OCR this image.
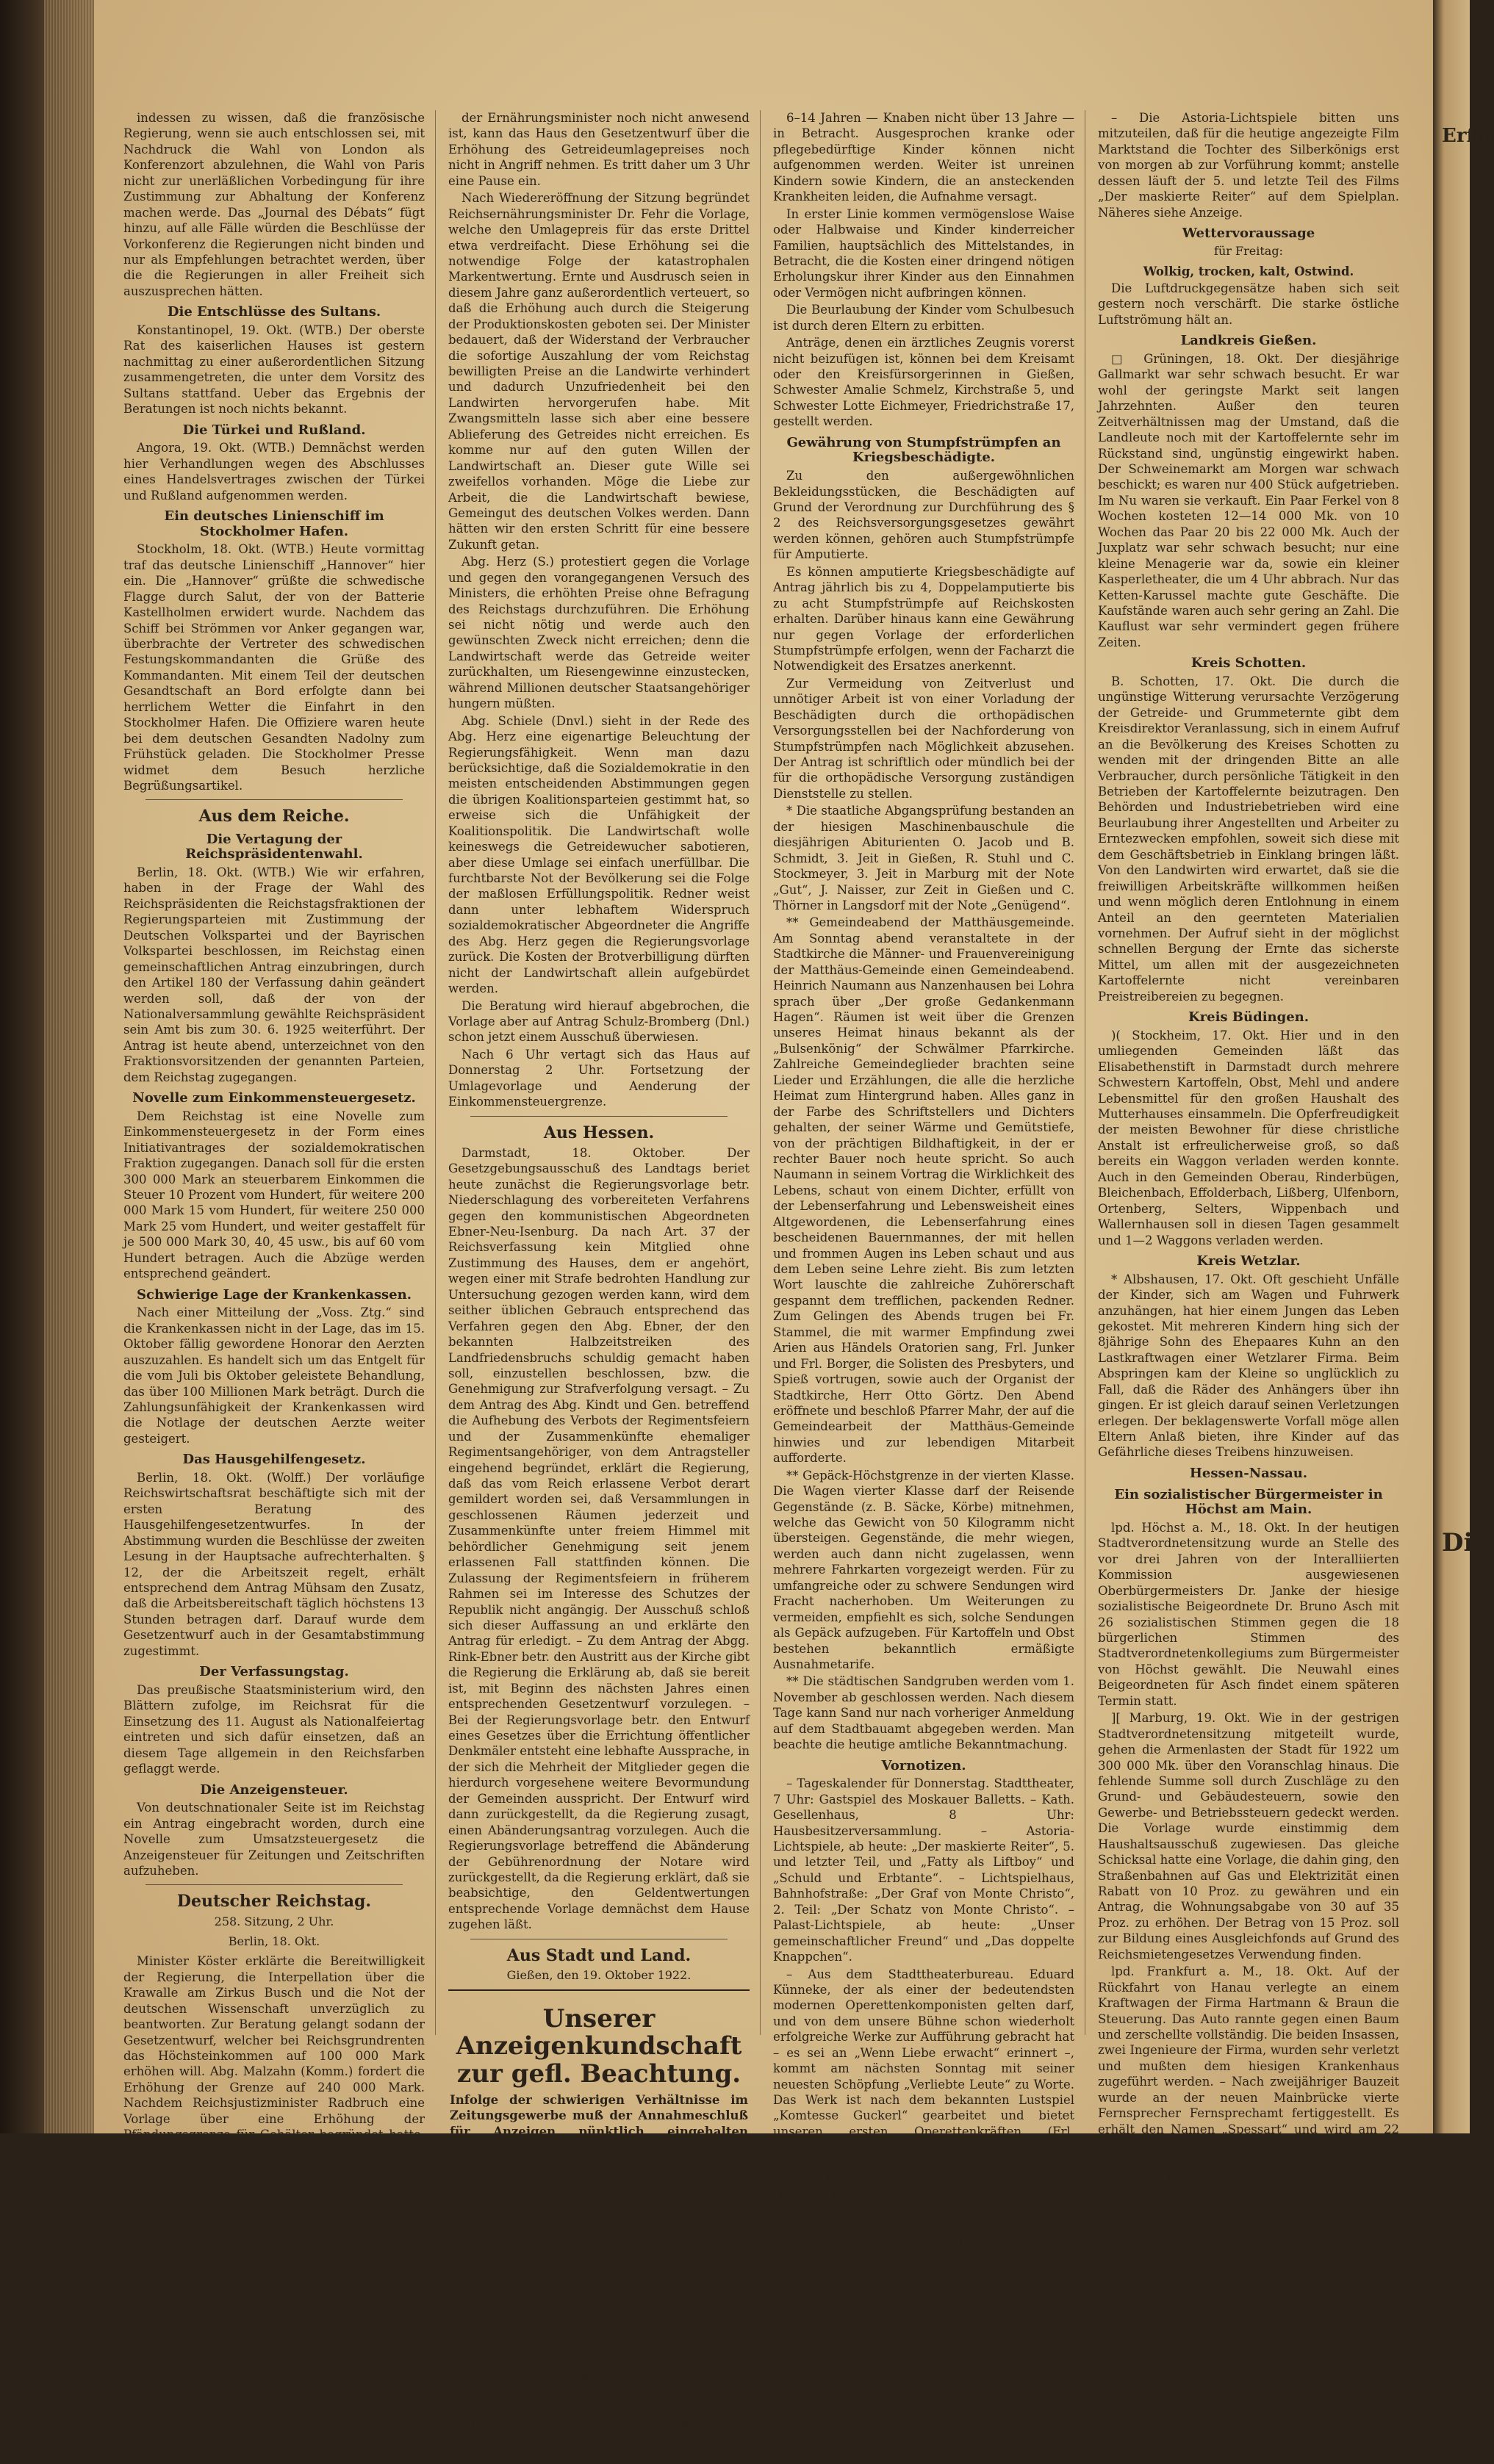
indessen zu wissen, daß die französische Regierung, wenn sie auch entschlossen sei, mit Nachdruck die Wahl von London als Konferenzort abzulehnen, die Wahl von Paris nicht zur unerläßlichen Vorbedingung für ihre Zustimmung zur Abhaltung der Konferenz machen werde. Das „Journal des Débats“ fügt hinzu, auf alle Fälle würden die Beschlüsse der Vorkonferenz die Regierungen nicht binden und nur als Empfehlungen betrachtet werden, über die die Regierungen in aller Freiheit sich auszusprechen hätten.

Die Entschlüsse des Sultans.

Konstantinopel, 19. Okt. (WTB.) Der oberste Rat des kaiserlichen Hauses ist gestern nachmittag zu einer außerordentlichen Sitzung zusammengetreten, die unter dem Vorsitz des Sultans stattfand. Ueber das Ergebnis der Beratungen ist noch nichts bekannt.

Die Türkei und Rußland.

Angora, 19. Okt. (WTB.) Demnächst werden hier Verhandlungen wegen des Abschlusses eines Handelsvertrages zwischen der Türkei und Rußland aufgenommen werden.

Ein deutsches Linienschiff im Stockholmer Hafen.

Stockholm, 18. Okt. (WTB.) Heute vormittag traf das deutsche Linienschiff „Hannover“ hier ein. Die „Hannover“ grüßte die schwedische Flagge durch Salut, der von der Batterie Kastellholmen erwidert wurde. Nachdem das Schiff bei Strömmen vor Anker gegangen war, überbrachte der Vertreter des schwedischen Festungskommandanten die Grüße des Kommandanten. Mit einem Teil der deutschen Gesandtschaft an Bord erfolgte dann bei herrlichem Wetter die Einfahrt in den Stockholmer Hafen. Die Offiziere waren heute bei dem deutschen Gesandten Nadolny zum Frühstück geladen. Die Stockholmer Presse widmet dem Besuch herzliche Begrüßungsartikel.

Aus dem Reiche.
Die Vertagung der Reichspräsidentenwahl.

Berlin, 18. Okt. (WTB.) Wie wir erfahren, haben in der Frage der Wahl des Reichspräsidenten die Reichstagsfraktionen der Regierungsparteien mit Zustimmung der Deutschen Volkspartei und der Bayrischen Volkspartei beschlossen, im Reichstag einen gemeinschaftlichen Antrag einzubringen, durch den Artikel 180 der Verfassung dahin geändert werden soll, daß der von der Nationalversammlung gewählte Reichspräsident sein Amt bis zum 30. 6. 1925 weiterführt. Der Antrag ist heute abend, unterzeichnet von den Fraktionsvorsitzenden der genannten Parteien, dem Reichstag zugegangen.

Novelle zum Einkommensteuergesetz.

Dem Reichstag ist eine Novelle zum Einkommensteuergesetz in der Form eines Initiativantrages der sozialdemokratischen Fraktion zugegangen. Danach soll für die ersten 300 000 Mark an steuerbarem Einkommen die Steuer 10 Prozent vom Hundert, für weitere 200 000 Mark 15 vom Hundert, für weitere 250 000 Mark 25 vom Hundert, und weiter gestaffelt für je 500 000 Mark 30, 40, 45 usw., bis auf 60 vom Hundert betragen. Auch die Abzüge werden entsprechend geändert.

Schwierige Lage der Krankenkassen.

Nach einer Mitteilung der „Voss. Ztg.“ sind die Krankenkassen nicht in der Lage, das im 15. Oktober fällig gewordene Honorar den Aerzten auszuzahlen. Es handelt sich um das Entgelt für die vom Juli bis Oktober geleistete Behandlung, das über 100 Millionen Mark beträgt. Durch die Zahlungsunfähigkeit der Krankenkassen wird die Notlage der deutschen Aerzte weiter gesteigert.

Das Hausgehilfengesetz.

Berlin, 18. Okt. (Wolff.) Der vorläufige Reichswirtschaftsrat beschäftigte sich mit der ersten Beratung des Hausgehilfengesetzentwurfes. In der Abstimmung wurden die Beschlüsse der zweiten Lesung in der Hauptsache aufrechterhalten. § 12, der die Arbeitszeit regelt, erhält entsprechend dem Antrag Mühsam den Zusatz, daß die Arbeitsbereitschaft täglich höchstens 13 Stunden betragen darf. Darauf wurde dem Gesetzentwurf auch in der Gesamtabstimmung zugestimmt.

Der Verfassungstag.

Das preußische Staatsministerium wird, den Blättern zufolge, im Reichsrat für die Einsetzung des 11. August als Nationalfeiertag eintreten und sich dafür einsetzen, daß an diesem Tage allgemein in den Reichsfarben geflaggt werde.

Die Anzeigensteuer.

Von deutschnationaler Seite ist im Reichstag ein Antrag eingebracht worden, durch eine Novelle zum Umsatzsteuergesetz die Anzeigensteuer für Zeitungen und Zeitschriften aufzuheben.

Deutscher Reichstag.
258. Sitzung, 2 Uhr.
Berlin, 18. Okt.

Minister Köster erklärte die Bereitwilligkeit der Regierung, die Interpellation über die Krawalle am Zirkus Busch und die Not der deutschen Wissenschaft unverzüglich zu beantworten. Zur Beratung gelangt sodann der Gesetzentwurf, welcher bei Reichsgrundrenten das Höchsteinkommen auf 100 000 Mark erhöhen will. Abg. Malzahn (Komm.) fordert die Erhöhung der Grenze auf 240 000 Mark. Nachdem Reichsjustizminister Radbruch eine Vorlage über eine Erhöhung der Pfändungsgrenze für Gehälter begründet hatte, wird der Gesetzentwurf über Reichsgrundrenten angenommen. Die Vorlage über Aenderung des Besoldungsgesetzes für den Nachtragsetat für 1922 geht an den Haushaltsausschuß.

der Ernährungsminister noch nicht anwesend ist, kann das Haus den Gesetzentwurf über die Erhöhung des Getreideumlagepreises noch nicht in Angriff nehmen. Es tritt daher um 3 Uhr eine Pause ein.

Nach Wiedereröffnung der Sitzung begründet Reichsernährungsminister Dr. Fehr die Vorlage, welche den Umlagepreis für das erste Drittel etwa verdreifacht. Diese Erhöhung sei die notwendige Folge der katastrophalen Markentwertung. Ernte und Ausdrusch seien in diesem Jahre ganz außerordentlich verteuert, so daß die Erhöhung auch durch die Steigerung der Produktionskosten geboten sei. Der Minister bedauert, daß der Widerstand der Verbraucher die sofortige Auszahlung der vom Reichstag bewilligten Preise an die Landwirte verhindert und dadurch Unzufriedenheit bei den Landwirten hervorgerufen habe. Mit Zwangsmitteln lasse sich aber eine bessere Ablieferung des Getreides nicht erreichen. Es komme nur auf den guten Willen der Landwirtschaft an. Dieser gute Wille sei zweifellos vorhanden. Möge die Liebe zur Arbeit, die die Landwirtschaft bewiese, Gemeingut des deutschen Volkes werden. Dann hätten wir den ersten Schritt für eine bessere Zukunft getan.

Abg. Herz (S.) protestiert gegen die Vorlage und gegen den vorangegangenen Versuch des Ministers, die erhöhten Preise ohne Befragung des Reichstags durchzuführen. Die Erhöhung sei nicht nötig und werde auch den gewünschten Zweck nicht erreichen; denn die Landwirtschaft werde das Getreide weiter zurückhalten, um Riesengewinne einzustecken, während Millionen deutscher Staatsangehöriger hungern müßten.

Abg. Schiele (Dnvl.) sieht in der Rede des Abg. Herz eine eigenartige Beleuchtung der Regierungsfähigkeit. Wenn man dazu berücksichtige, daß die Sozialdemokratie in den meisten entscheidenden Abstimmungen gegen die übrigen Koalitionsparteien gestimmt hat, so erweise sich die Unfähigkeit der Koalitionspolitik. Die Landwirtschaft wolle keineswegs die Getreidewucher sabotieren, aber diese Umlage sei einfach unerfüllbar. Die furchtbarste Not der Bevölkerung sei die Folge der maßlosen Erfüllungspolitik. Redner weist dann unter lebhaftem Widerspruch sozialdemokratischer Abgeordneter die Angriffe des Abg. Herz gegen die Regierungsvorlage zurück. Die Kosten der Brotverbilligung dürften nicht der Landwirtschaft allein aufgebürdet werden.

Die Beratung wird hierauf abgebrochen, die Vorlage aber auf Antrag Schulz-Bromberg (Dnl.) schon jetzt einem Ausschuß überwiesen.

Nach 6 Uhr vertagt sich das Haus auf Donnerstag 2 Uhr. Fortsetzung der Umlagevorlage und Aenderung der Einkommensteuergrenze.

Aus Hessen.

Darmstadt, 18. Oktober. Der Gesetzgebungsausschuß des Landtags beriet heute zunächst die Regierungsvorlage betr. Niederschlagung des vorbereiteten Verfahrens gegen den kommunistischen Abgeordneten Ebner-Neu-Isenburg. Da nach Art. 37 der Reichsverfassung kein Mitglied ohne Zustimmung des Hauses, dem er angehört, wegen einer mit Strafe bedrohten Handlung zur Untersuchung gezogen werden kann, wird dem seither üblichen Gebrauch entsprechend das Verfahren gegen den Abg. Ebner, der den bekannten Halbzeitstreiken des Landfriedensbruchs schuldig gemacht haben soll, einzustellen beschlossen, bzw. die Genehmigung zur Strafverfolgung versagt. – Zu dem Antrag des Abg. Kindt und Gen. betreffend die Aufhebung des Verbots der Regimentsfeiern und der Zusammenkünfte ehemaliger Regimentsangehöriger, von dem Antragsteller eingehend begründet, erklärt die Regierung, daß das vom Reich erlassene Verbot derart gemildert worden sei, daß Versammlungen in geschlossenen Räumen jederzeit und Zusammenkünfte unter freiem Himmel mit behördlicher Genehmigung seit jenem erlassenen Fall stattfinden können. Die Zulassung der Regimentsfeiern in früherem Rahmen sei im Interesse des Schutzes der Republik nicht angängig. Der Ausschuß schloß sich dieser Auffassung an und erklärte den Antrag für erledigt. – Zu dem Antrag der Abgg. Rink-Ebner betr. den Austritt aus der Kirche gibt die Regierung die Erklärung ab, daß sie bereit ist, mit Beginn des nächsten Jahres einen entsprechenden Gesetzentwurf vorzulegen. – Bei der Regierungsvorlage betr. den Entwurf eines Gesetzes über die Errichtung öffentlicher Denkmäler entsteht eine lebhafte Aussprache, in der sich die Mehrheit der Mitglieder gegen die hierdurch vorgesehene weitere Bevormundung der Gemeinden ausspricht. Der Entwurf wird dann zurückgestellt, da die Regierung zusagt, einen Abänderungsantrag vorzulegen. Auch die Regierungsvorlage betreffend die Abänderung der Gebührenordnung der Notare wird zurückgestellt, da die Regierung erklärt, daß sie beabsichtige, den Geldentwertungen entsprechende Vorlage demnächst dem Hause zugehen läßt.

Aus Stadt und Land.
Gießen, den 19. Oktober 1922.
Unserer Anzeigenkundschaft zur gefl. Beachtung.

Infolge der schwierigen Verhältnisse im Zeitungsgewerbe muß der Annahmeschluß für Anzeigen pünktlich eingehalten werden. Die Entgegennahme von Anzeigen findet bis zum Abend vor dem Aufnahmetag statt; Anzeigen für die Samstagsnummer müssen spätestens bis Freitag mittag eingereicht sein.

Geschäftszeit

von 8—12½ Uhr und von 2—5½ Uhr.

Verlag des Gießener Anzeigers.

Kostenlose Erholungskuren für Kinder.

Durch Spenden amerikanischer Frauen und Männer deutscher Abstammung in der Stadt Newark war es der Landesversicherungsanstalt möglich, im laufenden Jahre schwächlichen Kindern einen kostenlosen Erholungsaufenthalt in dem Kinderheim Newark Einsiedel zu Lindenfels zu gewähren.

Diese Kuren sollen auch künftig weitergeführt werden. Es kommen nur erholungsbedürftige Kinder im Alter von

6–14 Jahren — Knaben nicht über 13 Jahre — in Betracht. Ausgesprochen kranke oder pflegebedürftige Kinder können nicht aufgenommen werden. Weiter ist unreinen Kindern sowie Kindern, die an ansteckenden Krankheiten leiden, die Aufnahme versagt.

In erster Linie kommen vermögenslose Waise oder Halbwaise und Kinder kinderreicher Familien, hauptsächlich des Mittelstandes, in Betracht, die die Kosten einer dringend nötigen Erholungskur ihrer Kinder aus den Einnahmen oder Vermögen nicht aufbringen können.

Die Beurlaubung der Kinder vom Schulbesuch ist durch deren Eltern zu erbitten.

Anträge, denen ein ärztliches Zeugnis vorerst nicht beizufügen ist, können bei dem Kreisamt oder den Kreisfürsorgerinnen in Gießen, Schwester Amalie Schmelz, Kirchstraße 5, und Schwester Lotte Eichmeyer, Friedrichstraße 17, gestellt werden.

Gewährung von Stumpfstrümpfen an Kriegsbeschädigte.

Zu den außergewöhnlichen Bekleidungsstücken, die Beschädigten auf Grund der Verordnung zur Durchführung des § 2 des Reichsversorgungsgesetzes gewährt werden können, gehören auch Stumpfstrümpfe für Amputierte.

Es können amputierte Kriegsbeschädigte auf Antrag jährlich bis zu 4, Doppelamputierte bis zu acht Stumpfstrümpfe auf Reichskosten erhalten. Darüber hinaus kann eine Gewährung nur gegen Vorlage der erforderlichen Stumpfstrümpfe erfolgen, wenn der Facharzt die Notwendigkeit des Ersatzes anerkennt.

Zur Vermeidung von Zeitverlust und unnötiger Arbeit ist von einer Vorladung der Beschädigten durch die orthopädischen Versorgungsstellen bei der Nachforderung von Stumpfstrümpfen nach Möglichkeit abzusehen. Der Antrag ist schriftlich oder mündlich bei der für die orthopädische Versorgung zuständigen Dienststelle zu stellen.

* Die staatliche Abgangsprüfung bestanden an der hiesigen Maschinenbauschule die diesjährigen Abiturienten O. Jacob und B. Schmidt, 3. Jeit in Gießen, R. Stuhl und C. Stockmeyer, 3. Jeit in Marburg mit der Note „Gut“, J. Naisser, zur Zeit in Gießen und C. Thörner in Langsdorf mit der Note „Genügend“.

** Gemeindeabend der Matthäusgemeinde. Am Sonntag abend veranstaltete in der Stadtkirche die Männer- und Frauenvereinigung der Matthäus-Gemeinde einen Gemeindeabend. Heinrich Naumann aus Nanzenhausen bei Lohra sprach über „Der große Gedankenmann Hagen“. Räumen ist weit über die Grenzen unseres Heimat hinaus bekannt als der „Bulsenkönig“ der Schwälmer Pfarrkirche. Zahlreiche Gemeindeglieder brachten seine Lieder und Erzählungen, die alle die herzliche Heimat zum Hintergrund haben. Alles ganz in der Farbe des Schriftstellers und Dichters gehalten, der seiner Wärme und Gemütstiefe, von der prächtigen Bildhaftigkeit, in der er rechter Bauer noch heute spricht. So auch Naumann in seinem Vortrag die Wirklichkeit des Lebens, schaut von einem Dichter, erfüllt von der Lebenserfahrung und Lebensweisheit eines Altgewordenen, die Lebenserfahrung eines bescheidenen Bauernmannes, der mit hellen und frommen Augen ins Leben schaut und aus dem Leben seine Lehre zieht. Bis zum letzten Wort lauschte die zahlreiche Zuhörerschaft gespannt dem trefflichen, packenden Redner. Zum Gelingen des Abends trugen bei Fr. Stammel, die mit warmer Empfindung zwei Arien aus Händels Oratorien sang, Frl. Junker und Frl. Borger, die Solisten des Presbyters, und Spieß vortrugen, sowie auch der Organist der Stadtkirche, Herr Otto Görtz. Den Abend eröffnete und beschloß Pfarrer Mahr, der auf die Gemeindearbeit der Matthäus-Gemeinde hinwies und zur lebendigen Mitarbeit aufforderte.

** Gepäck-Höchstgrenze in der vierten Klasse. Die Wagen vierter Klasse darf der Reisende Gegenstände (z. B. Säcke, Körbe) mitnehmen, welche das Gewicht von 50 Kilogramm nicht übersteigen. Gegenstände, die mehr wiegen, werden auch dann nicht zugelassen, wenn mehrere Fahrkarten vorgezeigt werden. Für zu umfangreiche oder zu schwere Sendungen wird Fracht nacherhoben. Um Weiterungen zu vermeiden, empfiehlt es sich, solche Sendungen als Gepäck aufzugeben. Für Kartoffeln und Obst bestehen bekanntlich ermäßigte Ausnahmetarife.

** Die städtischen Sandgruben werden vom 1. November ab geschlossen werden. Nach diesem Tage kann Sand nur nach vorheriger Anmeldung auf dem Stadtbauamt abgegeben werden. Man beachte die heutige amtliche Bekanntmachung.

Vornotizen.

– Tageskalender für Donnerstag. Stadttheater, 7 Uhr: Gastspiel des Moskauer Balletts. – Kath. Gesellenhaus, 8 Uhr: Hausbesitzerversammlung. – Astoria-Lichtspiele, ab heute: „Der maskierte Reiter“, 5. und letzter Teil, und „Fatty als Liftboy“ und „Schuld und Erbtante“. – Lichtspielhaus, Bahnhofstraße: „Der Graf von Monte Christo“, 2. Teil: „Der Schatz von Monte Christo“. – Palast-Lichtspiele, ab heute: „Unser gemeinschaftlicher Freund“ und „Das doppelte Knappchen“.

– Aus dem Stadttheaterbureau. Eduard Künneke, der als einer der bedeutendsten modernen Operettenkomponisten gelten darf, und von dem unsere Bühne schon wiederholt erfolgreiche Werke zur Aufführung gebracht hat – es sei an „Wenn Liebe erwacht“ erinnert –, kommt am nächsten Sonntag mit seiner neuesten Schöpfung „Verliebte Leute“ zu Worte. Das Werk ist nach dem bekannten Lustspiel „Komtesse Guckerl“ gearbeitet und bietet unseren ersten Operettenkräften (Frl. Wiltberger und Frl. Wander sowie den Herren Holl, Richter und Hellborn) dankbare Aufgaben. Die Spielleitung liegt in den Händen des Herrn Holl, die Tanzarrangements sind von Frau Oldini einstudiert.

– Der Turnverein Gießen von 1846 hält am nächsten Sonntag in der Turnhalle (Steinstraße) ein Herbstschauturnen ab. Näheres ist aus der Anzeige ersichtlich.

– Die Astoria-Lichtspiele bitten uns mitzuteilen, daß für die heutige angezeigte Film Marktstand die Tochter des Silberkönigs erst von morgen ab zur Vorführung kommt; anstelle dessen läuft der 5. und letzte Teil des Films „Der maskierte Reiter“ auf dem Spielplan. Näheres siehe Anzeige.

Wettervoraussage
für Freitag:

Wolkig, trocken, kalt, Ostwind.

Die Luftdruckgegensätze haben sich seit gestern noch verschärft. Die starke östliche Luftströmung hält an.

Landkreis Gießen.

□ Grüningen, 18. Okt. Der diesjährige Gallmarkt war sehr schwach besucht. Er war wohl der geringste Markt seit langen Jahrzehnten. Außer den teuren Zeitverhältnissen mag der Umstand, daß die Landleute noch mit der Kartoffelernte sehr im Rückstand sind, ungünstig eingewirkt haben. Der Schweinemarkt am Morgen war schwach beschickt; es waren nur 400 Stück aufgetrieben. Im Nu waren sie verkauft. Ein Paar Ferkel von 8 Wochen kosteten 12—14 000 Mk. von 10 Wochen das Paar 20 bis 22 000 Mk. Auch der Juxplatz war sehr schwach besucht; nur eine kleine Menagerie war da, sowie ein kleiner Kasperletheater, die um 4 Uhr abbrach. Nur das Ketten-Karussel machte gute Geschäfte. Die Kaufstände waren auch sehr gering an Zahl. Die Kauflust war sehr vermindert gegen frühere Zeiten.

Kreis Schotten.

B. Schotten, 17. Okt. Die durch die ungünstige Witterung verursachte Verzögerung der Getreide- und Grummeternte gibt dem Kreisdirektor Veranlassung, sich in einem Aufruf an die Bevölkerung des Kreises Schotten zu wenden mit der dringenden Bitte an alle Verbraucher, durch persönliche Tätigkeit in den Betrieben der Kartoffelernte beizutragen. Den Behörden und Industriebetrieben wird eine Beurlaubung ihrer Angestellten und Arbeiter zu Erntezwecken empfohlen, soweit sich diese mit dem Geschäftsbetrieb in Einklang bringen läßt. Von den Landwirten wird erwartet, daß sie die freiwilligen Arbeitskräfte willkommen heißen und wenn möglich deren Entlohnung in einem Anteil an den geernteten Materialien vornehmen. Der Aufruf sieht in der möglichst schnellen Bergung der Ernte das sicherste Mittel, um allen mit der ausgezeichneten Kartoffelernte nicht vereinbaren Preistreibereien zu begegnen.

Kreis Büdingen.

)( Stockheim, 17. Okt. Hier und in den umliegenden Gemeinden läßt das Elisabethenstift in Darmstadt durch mehrere Schwestern Kartoffeln, Obst, Mehl und andere Lebensmittel für den großen Haushalt des Mutterhauses einsammeln. Die Opferfreudigkeit der meisten Bewohner für diese christliche Anstalt ist erfreulicherweise groß, so daß bereits ein Waggon verladen werden konnte. Auch in den Gemeinden Oberau, Rinderbügen, Bleichenbach, Effolderbach, Lißberg, Ulfenborn, Ortenberg, Selters, Wippenbach und Wallernhausen soll in diesen Tagen gesammelt und 1—2 Waggons verladen werden.

Kreis Wetzlar.

* Albshausen, 17. Okt. Oft geschieht Unfälle der Kinder, sich am Wagen und Fuhrwerk anzuhängen, hat hier einem Jungen das Leben gekostet. Mit mehreren Kindern hing sich der 8jährige Sohn des Ehepaares Kuhn an den Lastkraftwagen einer Wetzlarer Firma. Beim Abspringen kam der Kleine so unglücklich zu Fall, daß die Räder des Anhängers über ihn gingen. Er ist gleich darauf seinen Verletzungen erlegen. Der beklagenswerte Vorfall möge allen Eltern Anlaß bieten, ihre Kinder auf das Gefährliche dieses Treibens hinzuweisen.

Hessen-Nassau.
Ein sozialistischer Bürgermeister in Höchst am Main.

lpd. Höchst a. M., 18. Okt. In der heutigen Stadtverordnetensitzung wurde an Stelle des vor drei Jahren von der Interalliierten Kommission ausgewiesenen Oberbürgermeisters Dr. Janke der hiesige sozialistische Beigeordnete Dr. Bruno Asch mit 26 sozialistischen Stimmen gegen die 18 bürgerlichen Stimmen des Stadtverordnetenkollegiums zum Bürgermeister von Höchst gewählt. Die Neuwahl eines Beigeordneten für Asch findet einem späteren Termin statt.

][ Marburg, 19. Okt. Wie in der gestrigen Stadtverordnetensitzung mitgeteilt wurde, gehen die Armenlasten der Stadt für 1922 um 300 000 Mk. über den Voranschlag hinaus. Die fehlende Summe soll durch Zuschläge zu den Grund- und Gebäudesteuern, sowie den Gewerbe- und Betriebssteuern gedeckt werden. Die Vorlage wurde einstimmig dem Haushaltsausschuß zugewiesen. Das gleiche Schicksal hatte eine Vorlage, die dahin ging, den Straßenbahnen auf Gas und Elektrizität einen Rabatt von 10 Proz. zu gewähren und ein Antrag, die Wohnungsabgabe von 30 auf 35 Proz. zu erhöhen. Der Betrag von 15 Proz. soll zur Bildung eines Ausgleichfonds auf Grund des Reichsmietengesetzes Verwendung finden.

lpd. Frankfurt a. M., 18. Okt. Auf der Rückfahrt von Hanau verlegte an einem Kraftwagen der Firma Hartmann & Braun die Steuerung. Das Auto rannte gegen einen Baum und zerschellte vollständig. Die beiden Insassen, zwei Ingenieure der Firma, wurden sehr verletzt und mußten dem hiesigen Krankenhaus zugeführt werden. – Nach zweijähriger Bauzeit wurde an der neuen Mainbrücke vierte Fernsprecher Fernsprechamt fertiggestellt. Es erhält den Namen „Spessart“ und wird am 22 Oktober dem Betrieb übergeben. Es können zunächst 3000 Anschlußnummern von den Aemtern „Hansa“ und „Römer“ zugeteilt.

Heutiger Stand des Dollars
10 Uhr vormittags:
Berlin 3175, Frankfurt 3150—3200.
Erfin
Di
